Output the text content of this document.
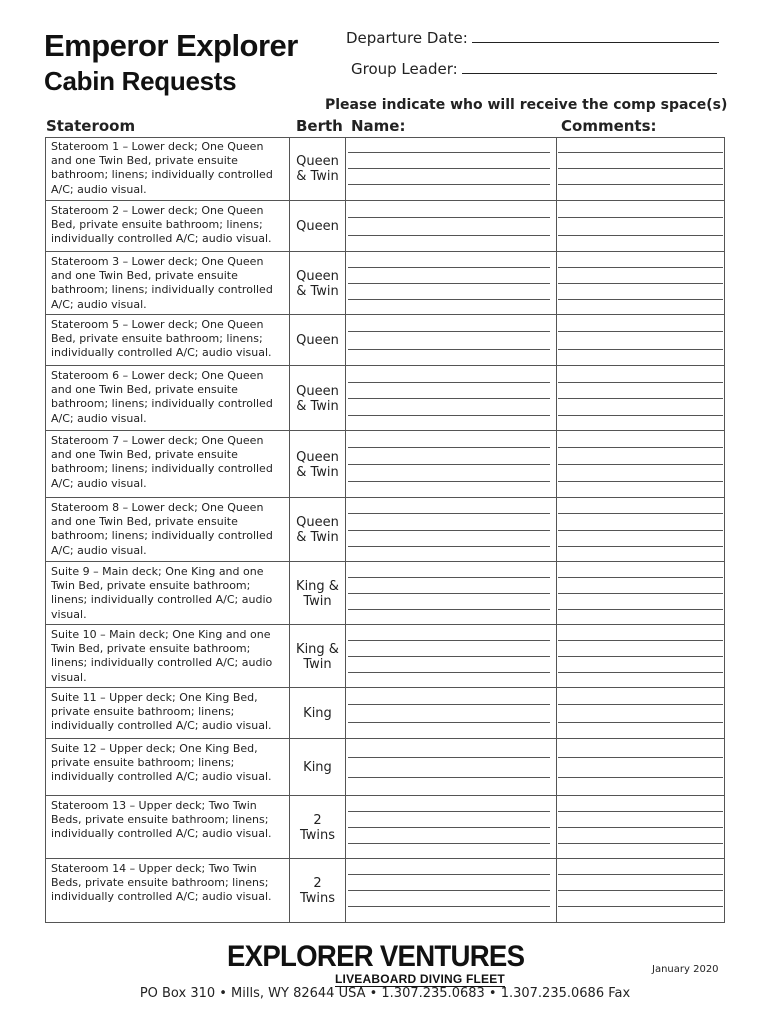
Emperor Explorer
Cabin Requests
Departure Date:
Group Leader:
Please indicate who will receive the comp space(s)
Stateroom	Berth Name:	Comments:
Stateroom 1 – Lower deck; One Queen and one Twin Bed, private ensuite bathroom; linens; individually controlled A/C; audio visual.
Queen & Twin
Stateroom 2 – Lower deck; One Queen Bed, private ensuite bathroom; linens; individually controlled A/C; audio visual.
Queen
Stateroom 3 – Lower deck; One Queen and one Twin Bed, private ensuite bathroom; linens; individually controlled A/C; audio visual.
Queen & Twin
Stateroom 5 – Lower deck; One Queen Bed, private ensuite bathroom; linens; individually controlled A/C; audio visual.
Queen
Stateroom 6 – Lower deck; One Queen and one Twin Bed, private ensuite bathroom; linens; individually controlled A/C; audio visual.
Queen & Twin
Stateroom 7 – Lower deck; One Queen and one Twin Bed, private ensuite bathroom; linens; individually controlled A/C; audio visual.
Queen & Twin
Stateroom 8 – Lower deck; One Queen and one Twin Bed, private ensuite bathroom; linens; individually controlled A/C; audio visual.
Queen & Twin
Suite 9 – Main deck; One King and one Twin Bed, private ensuite bathroom; linens; individually controlled A/C; audio visual.
King & Twin
Suite 10 – Main deck; One King and one Twin Bed, private ensuite bathroom; linens; individually controlled A/C; audio visual.
King & Twin
Suite 11 – Upper deck; One King Bed, private ensuite bathroom; linens; individually controlled A/C; audio visual.
King
Suite 12 – Upper deck; One King Bed, private ensuite bathroom; linens; individually controlled A/C; audio visual.
King
Stateroom 13 – Upper deck; Two Twin Beds, private ensuite bathroom; linens; individually controlled A/C; audio visual.
2 Twins
Stateroom 14 – Upper deck; Two Twin Beds, private ensuite bathroom; linens; individually controlled A/C; audio visual.
2 Twins
EXPLORER VENTURES
LIVEABOARD DIVING FLEET
January 2020
PO Box 310 • Mills, WY 82644 USA • 1.307.235.0683 • 1.307.235.0686 Fax
